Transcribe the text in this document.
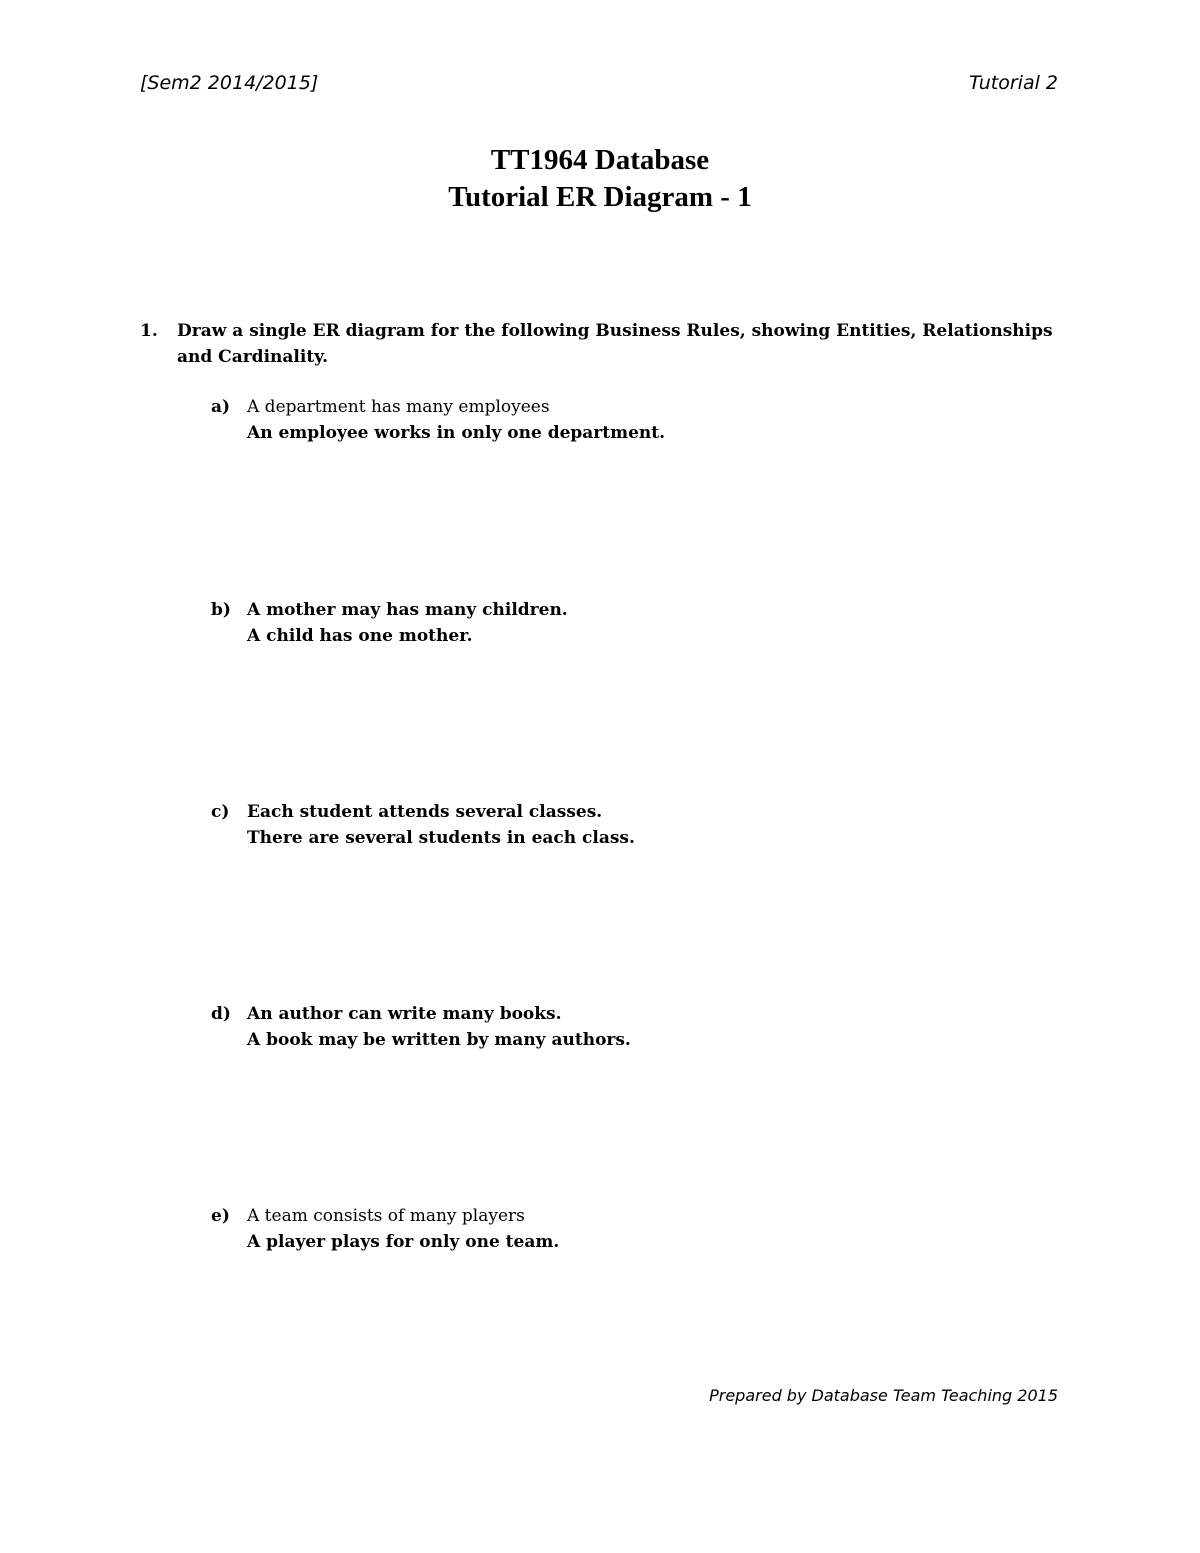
[Sem2 2014/2015]	Tutorial 2
TT1964 Database
Tutorial ER Diagram - 1
1. Draw a single ER diagram for the following Business Rules, showing Entities, Relationships and Cardinality.
a) A department has many employees
An employee works in only one department.
b) A mother may has many children.
A child has one mother.
c) Each student attends several classes.
There are several students in each class.
d) An author can write many books.
A book may be written by many authors.
e) A team consists of many players
A player plays for only one team.
Prepared by Database Team Teaching 2015
